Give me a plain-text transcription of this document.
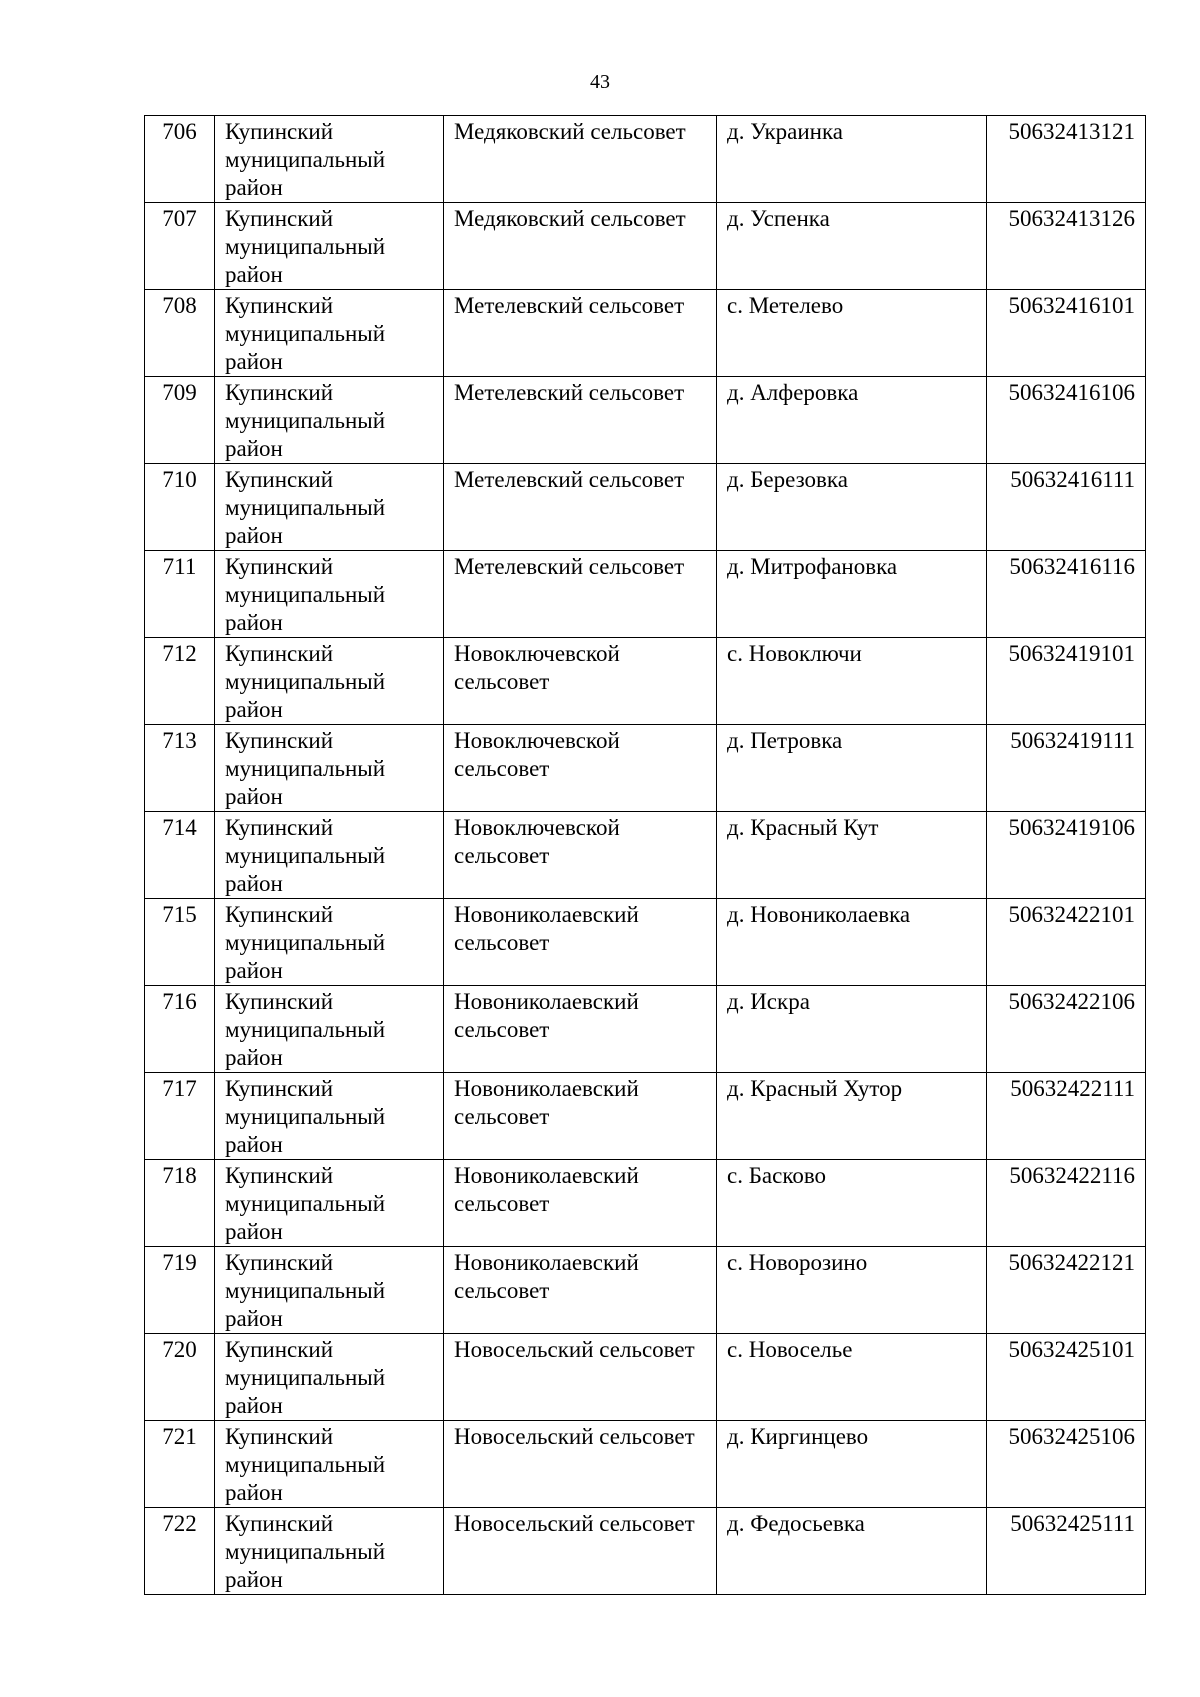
43
706	Купинский муниципальный район	Медяковский сельсовет	д. Украинка	50632413121
707	Купинский муниципальный район	Медяковский сельсовет	д. Успенка	50632413126
708	Купинский муниципальный район	Метелевский сельсовет	с. Метелево	50632416101
709	Купинский муниципальный район	Метелевский сельсовет	д. Алферовка	50632416106
710	Купинский муниципальный район	Метелевский сельсовет	д. Березовка	50632416111
711	Купинский муниципальный район	Метелевский сельсовет	д. Митрофановка	50632416116
712	Купинский муниципальный район	Новоключевской сельсовет	с. Новоключи	50632419101
713	Купинский муниципальный район	Новоключевской сельсовет	д. Петровка	50632419111
714	Купинский муниципальный район	Новоключевской сельсовет	д. Красный Кут	50632419106
715	Купинский муниципальный район	Новониколаевский сельсовет	д. Новониколаевка	50632422101
716	Купинский муниципальный район	Новониколаевский сельсовет	д. Искра	50632422106
717	Купинский муниципальный район	Новониколаевский сельсовет	д. Красный Хутор	50632422111
718	Купинский муниципальный район	Новониколаевский сельсовет	с. Басково	50632422116
719	Купинский муниципальный район	Новониколаевский сельсовет	с. Новорозино	50632422121
720	Купинский муниципальный район	Новосельский сельсовет	с. Новоселье	50632425101
721	Купинский муниципальный район	Новосельский сельсовет	д. Киргинцево	50632425106
722	Купинский муниципальный район	Новосельский сельсовет	д. Федосьевка	50632425111
